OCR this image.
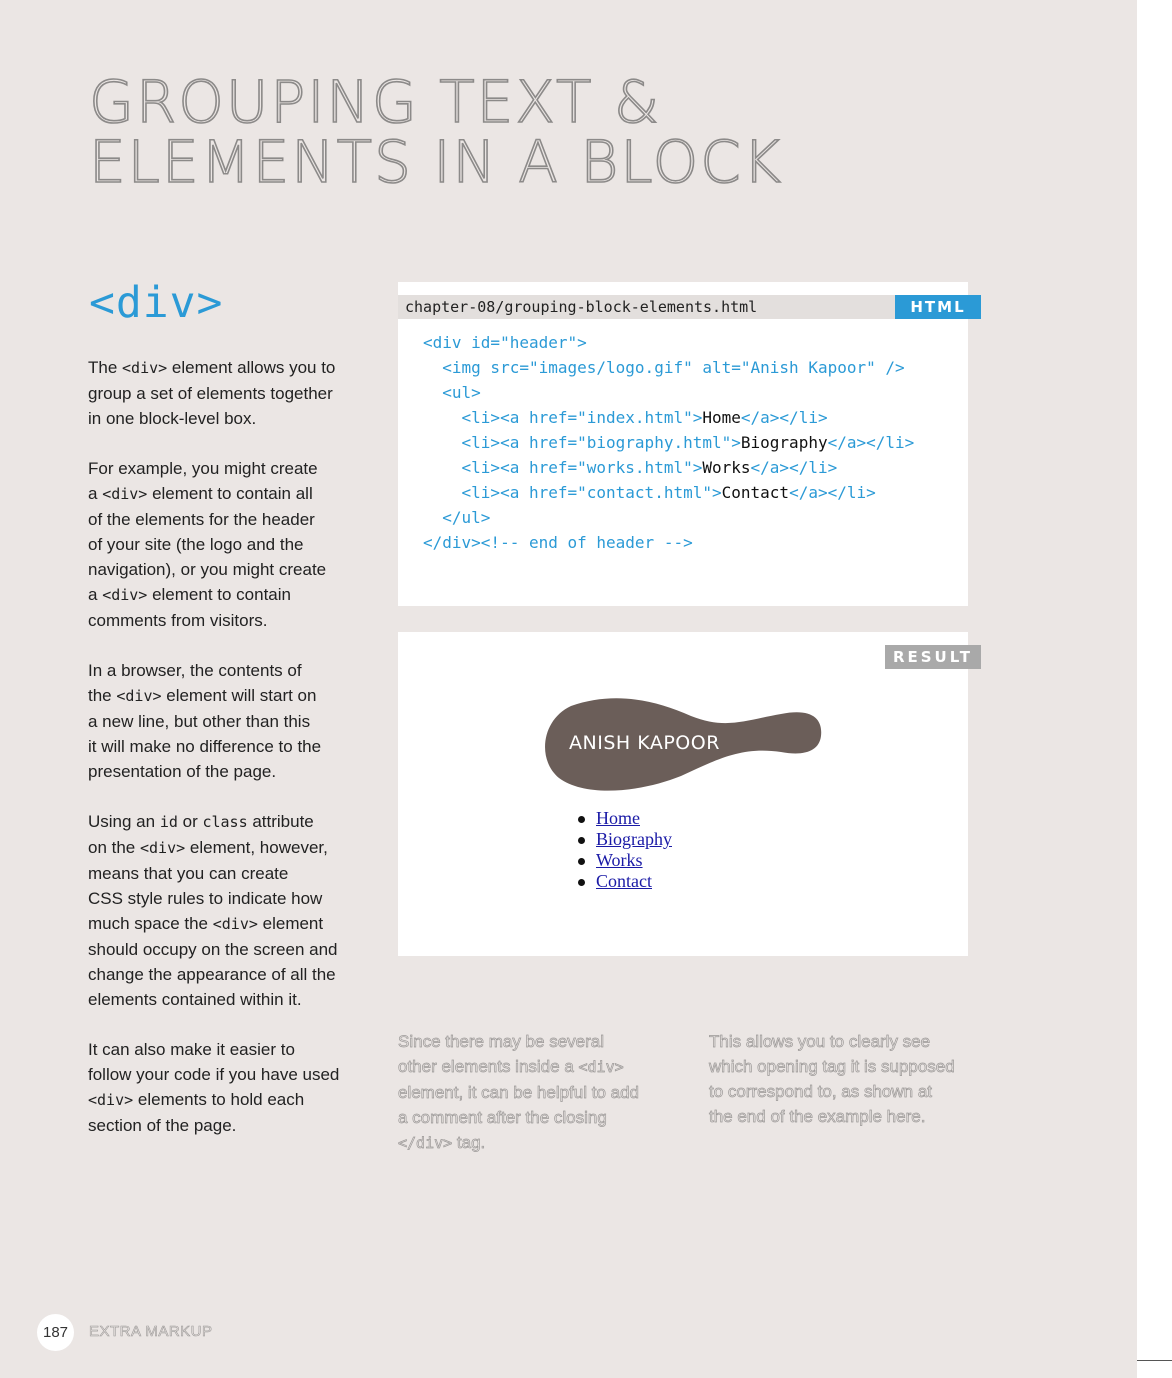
GROUPING TEXT &
ELEMENTS IN A BLOCK
<div>

The <div> element allows you to
group a set of elements together
in one block-level box.

For example, you might create
a <div> element to contain all
of the elements for the header
of your site (the logo and the
navigation), or you might create
a <div> element to contain
comments from visitors.

In a browser, the contents of
the <div> element will start on
a new line, but other than this
it will make no difference to the
presentation of the page.

Using an id or class attribute
on the <div> element, however,
means that you can create
CSS style rules to indicate how
much space the <div> element
should occupy on the screen and
change the appearance of all the
elements contained within it.

It can also make it easier to
follow your code if you have used
<div> elements to hold each
section of the page.

chapter-08/grouping-block-elements.html
<div id="header">
<img src="images/logo.gif" alt="Anish Kapoor" />
<ul>
<li><a href="index.html">Home</a></li>
<li><a href="biography.html">Biography</a></li>
<li><a href="works.html">Works</a></li>
<li><a href="contact.html">Contact</a></li>
</ul>
</div><!-- end of header -->
HTML
ANISH KAPOOR
Home
Biography
Works
Contact
RESULT
Since there may be several
other elements inside a <div>
element, it can be helpful to add
a comment after the closing
</div> tag.
This allows you to clearly see
which opening tag it is supposed
to correspond to, as shown at
the end of the example here.
187	EXTRA MARKUP
